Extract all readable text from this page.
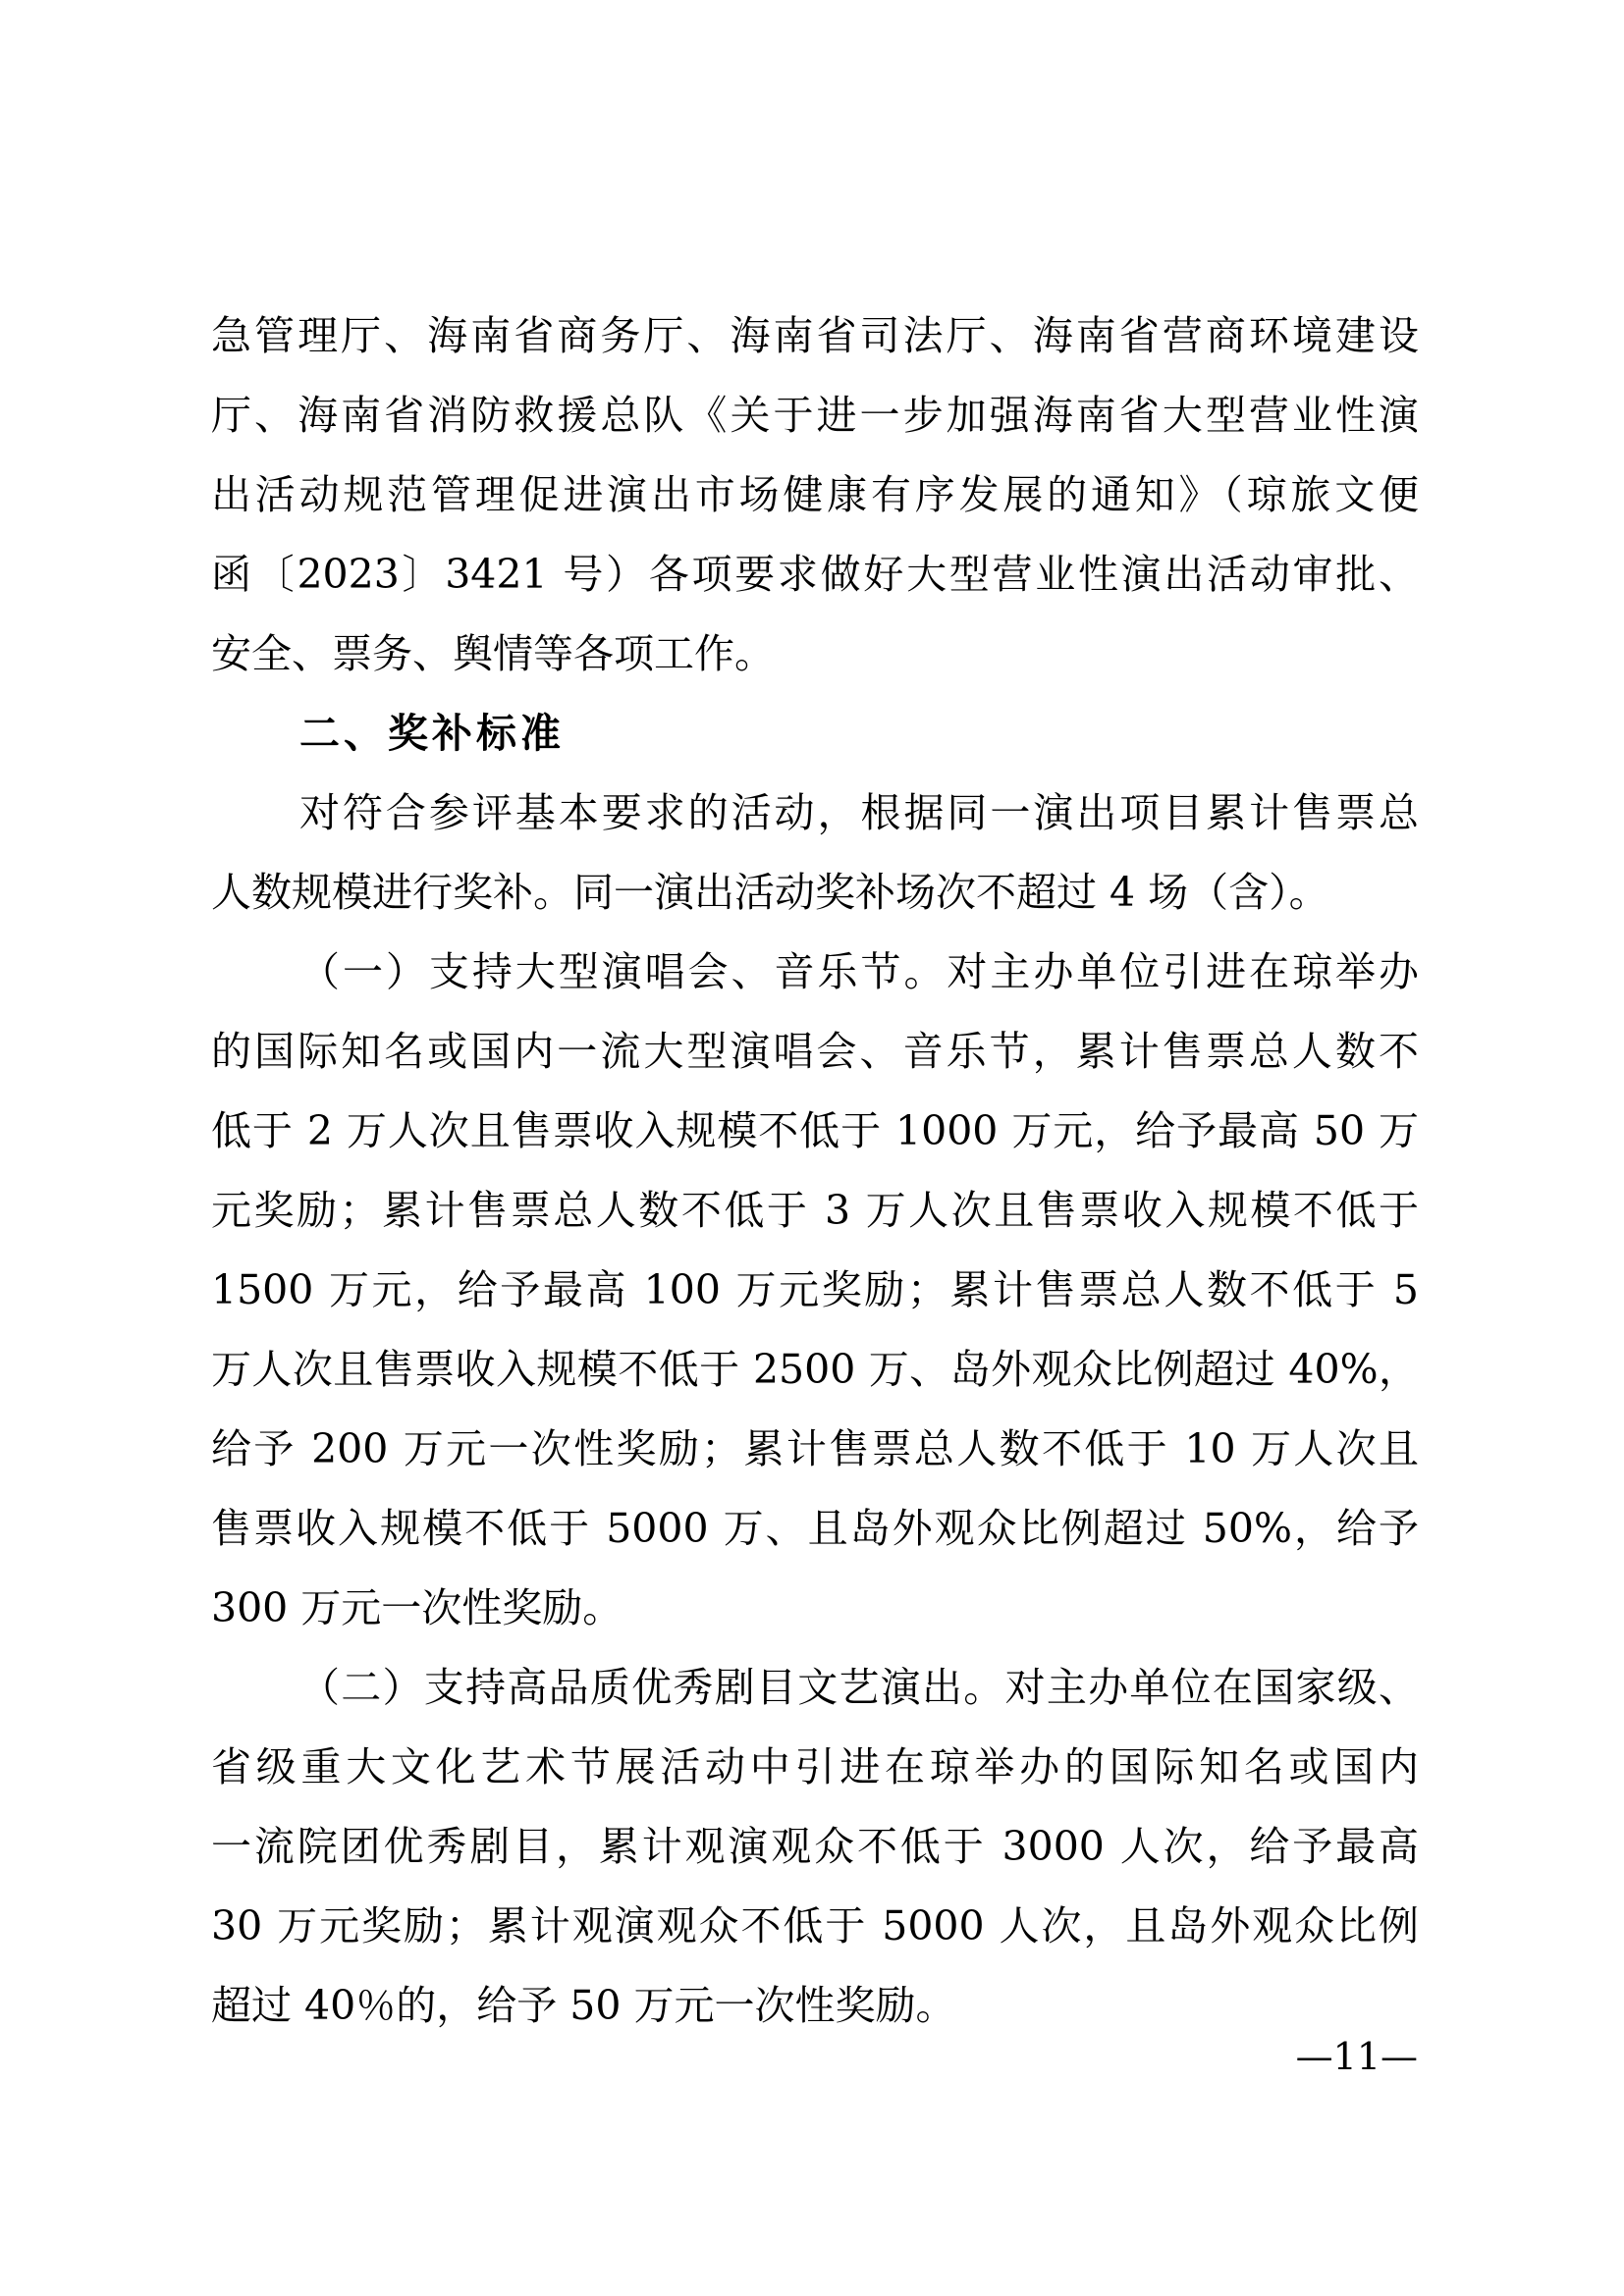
急管理厅、海南省商务厅、海南省司法厅、海南省营商环境建设
厅、海南省消防救援总队《关于进一步加强海南省大型营业性演
出活动规范管理促进演出市场健康有序发展的通知》（琼旅文便
函〔2023〕3421 号）各项要求做好大型营业性演出活动审批、
安全、票务、舆情等各项工作。
二、奖补标准
对符合参评基本要求的活动，根据同一演出项目累计售票总
人数规模进行奖补。同一演出活动奖补场次不超过 4 场（含）。
（一）支持大型演唱会、音乐节。对主办单位引进在琼举办
的国际知名或国内一流大型演唱会、音乐节，累计售票总人数不
低于 2 万人次且售票收入规模不低于 1000 万元，给予最高 50 万
元奖励；累计售票总人数不低于 3 万人次且售票收入规模不低于
1500 万元，给予最高 100 万元奖励；累计售票总人数不低于 5
万人次且售票收入规模不低于 2500 万、岛外观众比例超过 40%，
给予 200 万元一次性奖励；累计售票总人数不低于 10 万人次且
售票收入规模不低于 5000 万、且岛外观众比例超过 50%，给予
300 万元一次性奖励。
（二）支持高品质优秀剧目文艺演出。对主办单位在国家级、
省级重大文化艺术节展活动中引进在琼举办的国际知名或国内
一流院团优秀剧目，累计观演观众不低于 3000 人次，给予最高
30 万元奖励；累计观演观众不低于 5000 人次，且岛外观众比例
超过 40％的，给予 50 万元一次性奖励。
—11—
